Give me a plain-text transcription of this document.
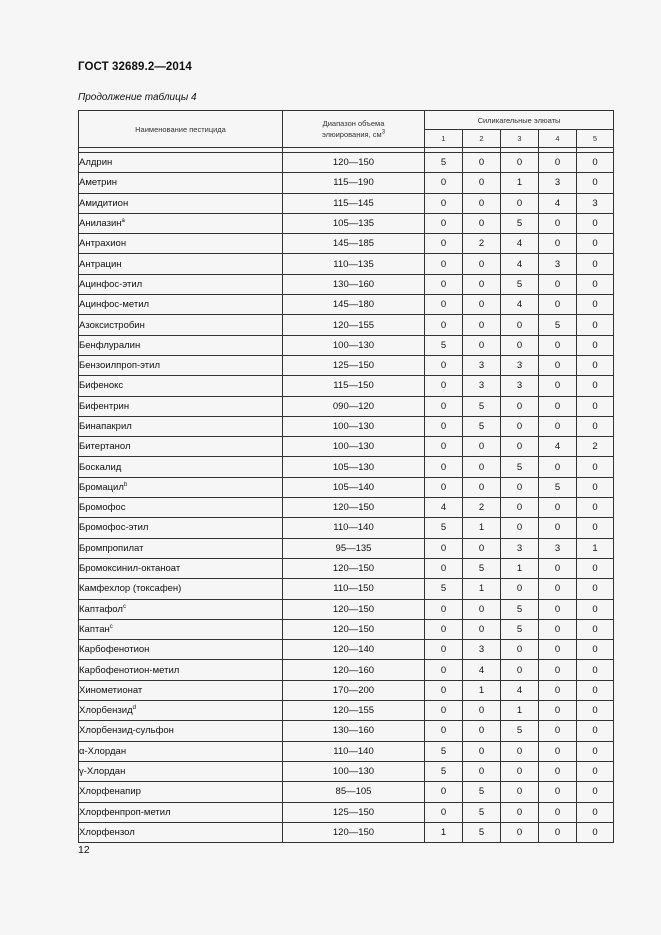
ГОСТ 32689.2—2014
Продолжение таблицы 4
Наименование пестицида	Диапазон объема
элюирования, $см^3$	Силикагельные элюаты				
		1	2	3	4	5

Алдрин	120—150	5	0	0	0	0
Аметрин	115—190	0	0	1	3	0
Амидитион	115—145	0	0	0	4	3
Анилазин$^a$	105—135	0	0	5	0	0
Антрахион	145—185	0	2	4	0	0
Антрацин	110—135	0	0	4	3	0
Ацинфос-этил	130—160	0	0	5	0	0
Ацинфос-метил	145—180	0	0	4	0	0
Азоксистробин	120—155	0	0	0	5	0
Бенфлуралин	100—130	5	0	0	0	0
Бензоилпроп-этил	125—150	0	3	3	0	0
Бифенокс	115—150	0	3	3	0	0
Бифентрин	090—120	0	5	0	0	0
Бинапакрил	100—130	0	5	0	0	0
Битертанол	100—130	0	0	0	4	2
Боскалид	105—130	0	0	5	0	0
Бромацил$^b$	105—140	0	0	0	5	0
Бромофос	120—150	4	2	0	0	0
Бромофос-этил	110—140	5	1	0	0	0
Бромпропилат	95—135	0	0	3	3	1
Бромоксинил-октаноат	120—150	0	5	1	0	0
Камфехлор (токсафен)	110—150	5	1	0	0	0
Каптафол$^c$	120—150	0	0	5	0	0
Каптан$^c$	120—150	0	0	5	0	0
Карбофенотион	120—140	0	3	0	0	0
Карбофенотион-метил	120—160	0	4	0	0	0
Хинометионат	170—200	0	1	4	0	0
Хлорбензид$^d$	120—155	0	0	1	0	0
Хлорбензид-сульфон	130—160	0	0	5	0	0
α-Хлордан	110—140	5	0	0	0	0
γ-Хлордан	100—130	5	0	0	0	0
Хлорфенапир	85—105	0	5	0	0	0
Хлорфенпроп-метил	125—150	0	5	0	0	0
Хлорфензол	120—150	1	5	0	0	0
12
